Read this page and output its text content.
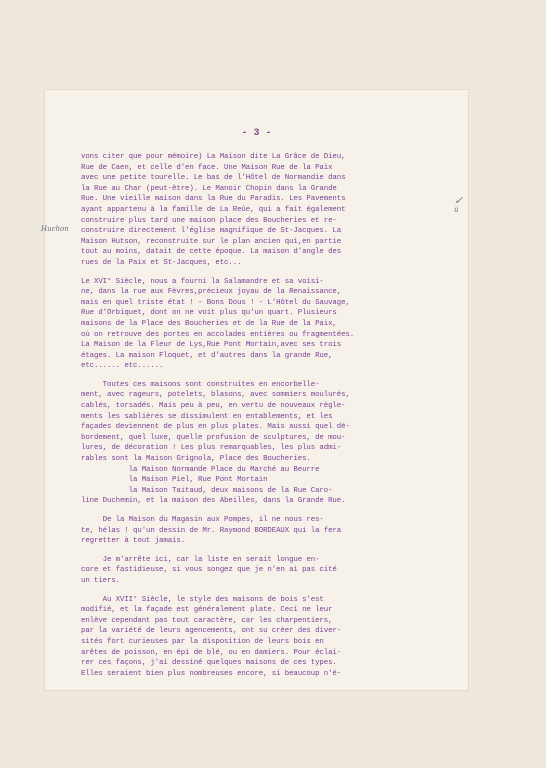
- 3 -
Huchon
✓
ü
vons citer que pour mémoire) La Maison dite La Grâce de Dieu,
Rue de Caen, et celle d'en face. Une Maison Rue de la Paix
avec une petite tourelle. Le bas de l'Hôtel de Normandie dans
la Rue au Char (peut-être). Le Manoir Chopin dans la Grande
Rue. Une vieille maison dans la Rue du Paradis. Les Pavements
ayant appartenu à la famille de La Reûe, qui a fait également
construire plus tard une maison place des Boucheries et re-
construire directement l'église magnifique de St-Jacques. La
Maison Hutson, reconstruite sur le plan ancien qui,en partie
tout au moins, datait de cette époque. La maison d'angle des
rues de la Paix et St-Jacques, etc...
Le XVI° Siècle, nous a fourni la Salamandre et sa voisi-
ne, dans la rue aux Fèvres,précieux joyau de la Renaissance,
mais en quel triste état ! - Bons Dous ! - L'Hôtel du Sauvage,
Rue d'Orbiquet, dont on ne voit plus qu'un quart. Plusieurs
maisons de la Place des Boucheries et de la Rue de la Paix,
où on retrouve des portes en accolades entières ou fragmentées.
La Maison de la Fleur de Lys,Rue Pont Mortain,avec ses trois
étages. La maison Floquet, et d'autres dans la grande Rue,
etc...... etc......
Toutes ces maisons sont construites en encorbelle-
ment, avec rageurs, potelets, blasons, avec sommiers moulurés,
cablés, torsadés. Mais peu à peu, en vertu de nouveaux règle-
ments les sablières se dissimulent en entablements, et les
façades deviennent de plus en plus plates. Mais aussi quel dé-
bordement, quel luxe, quelle profusion de sculptures, de mou-
lures, de décoration ! Les plus remarquables, les plus admi-
rables sont la Maison Grignola, Place des Boucheries.
la Maison Normande Place du Marché au Beurre
la Maison Piel, Rue Pont Mortain
la Maison Taitaud, deux maisons de la Rue Caro-
line Duchemin, et la maison des Abeilles, dans la Grande Rue.
De la Maison du Magasin aux Pompes, il ne nous res-
te, hélas ! qu'un dessin de Mr. Raymond BORDEAUX qui la fera
regretter à tout jamais.
Je m'arrête ici, car la liste en serait longue en-
core et fastidieuse, si vous songez que je n'en ai pas cité
un tiers.
Au XVII° Siècle, le style des maisons de bois s'est
modifié, et la façade est généralement plate. Ceci ne leur
enlève cependant pas tout caractère, car les charpentiers,
par la variété de leurs agencements, ont su créer des diver-
sités fort curieuses par la disposition de leurs bois en
arêtes de poisson, en épi de blé, ou en damiers. Pour éclai-
rer ces façons, j'ai dessiné quelques maisons de ces types.
Elles seraient bien plus nombreuses encore, si beaucoup n'é-
